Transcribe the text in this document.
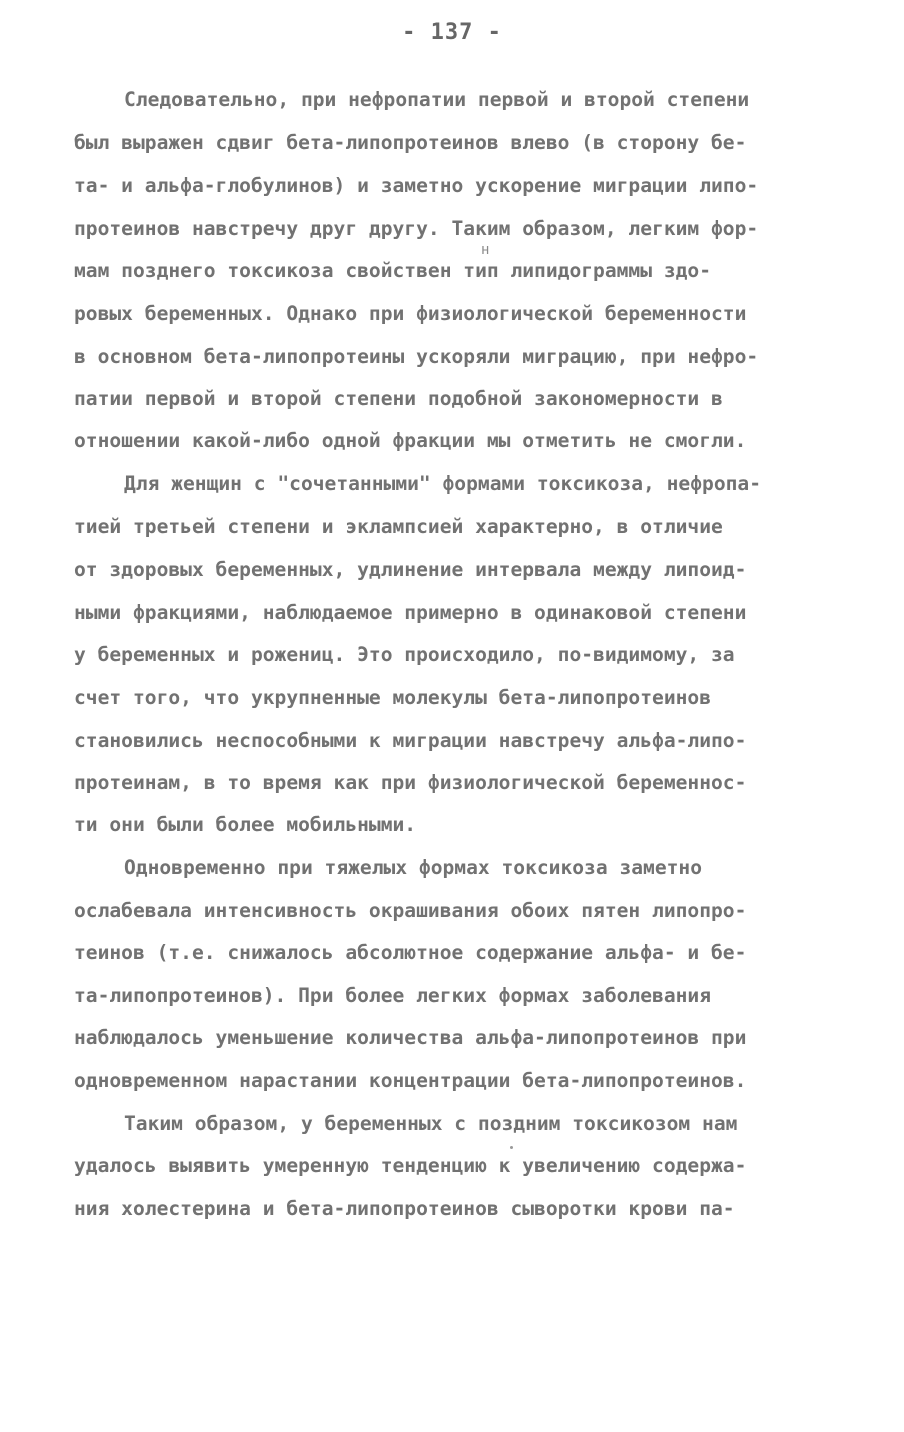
- 137 -
Следовательно, при нефропатии первой и второй степени
был выражен сдвиг бета-липопротеинов влево (в сторону бе-
та- и альфа-глобулинов) и заметно ускорение миграции липо-
протеинов навстречу друг другу. Таким образом, легким фор-
н
мам позднего токсикоза свойствен тип липидограммы здо-
ровых беременных. Однако при физиологической беременности
в основном бета-липопротеины ускоряли миграцию, при нефро-
патии первой и второй степени подобной закономерности в
отношении какой-либо одной фракции мы отметить не смогли.
Для женщин с "сочетанными" формами токсикоза, нефропа-
тией третьей степени и эклампсией характерно, в отличие
от здоровых беременных, удлинение интервала между липоид-
ными фракциями, наблюдаемое примерно в одинаковой степени
у беременных и рожениц. Это происходило, по-видимому, за
счет того, что укрупненные молекулы бета-липопротеинов
становились неспособными к миграции навстречу альфа-липо-
протеинам, в то время как при физиологической беременнос-
ти они были более мобильными.
Одновременно при тяжелых формах токсикоза заметно
ослабевала интенсивность окрашивания обоих пятен липопро-
теинов (т.е. снижалось абсолютное содержание альфа- и бе-
та-липопротеинов). При более легких формах заболевания
наблюдалось уменьшение количества альфа-липопротеинов при
одновременном нарастании концентрации бета-липопротеинов.
Таким образом, у беременных с поздним токсикозом нам
удалось выявить умеренную тенденцию к увеличению содержа-
ния холестерина и бета-липопротеинов сыворотки крови па-
